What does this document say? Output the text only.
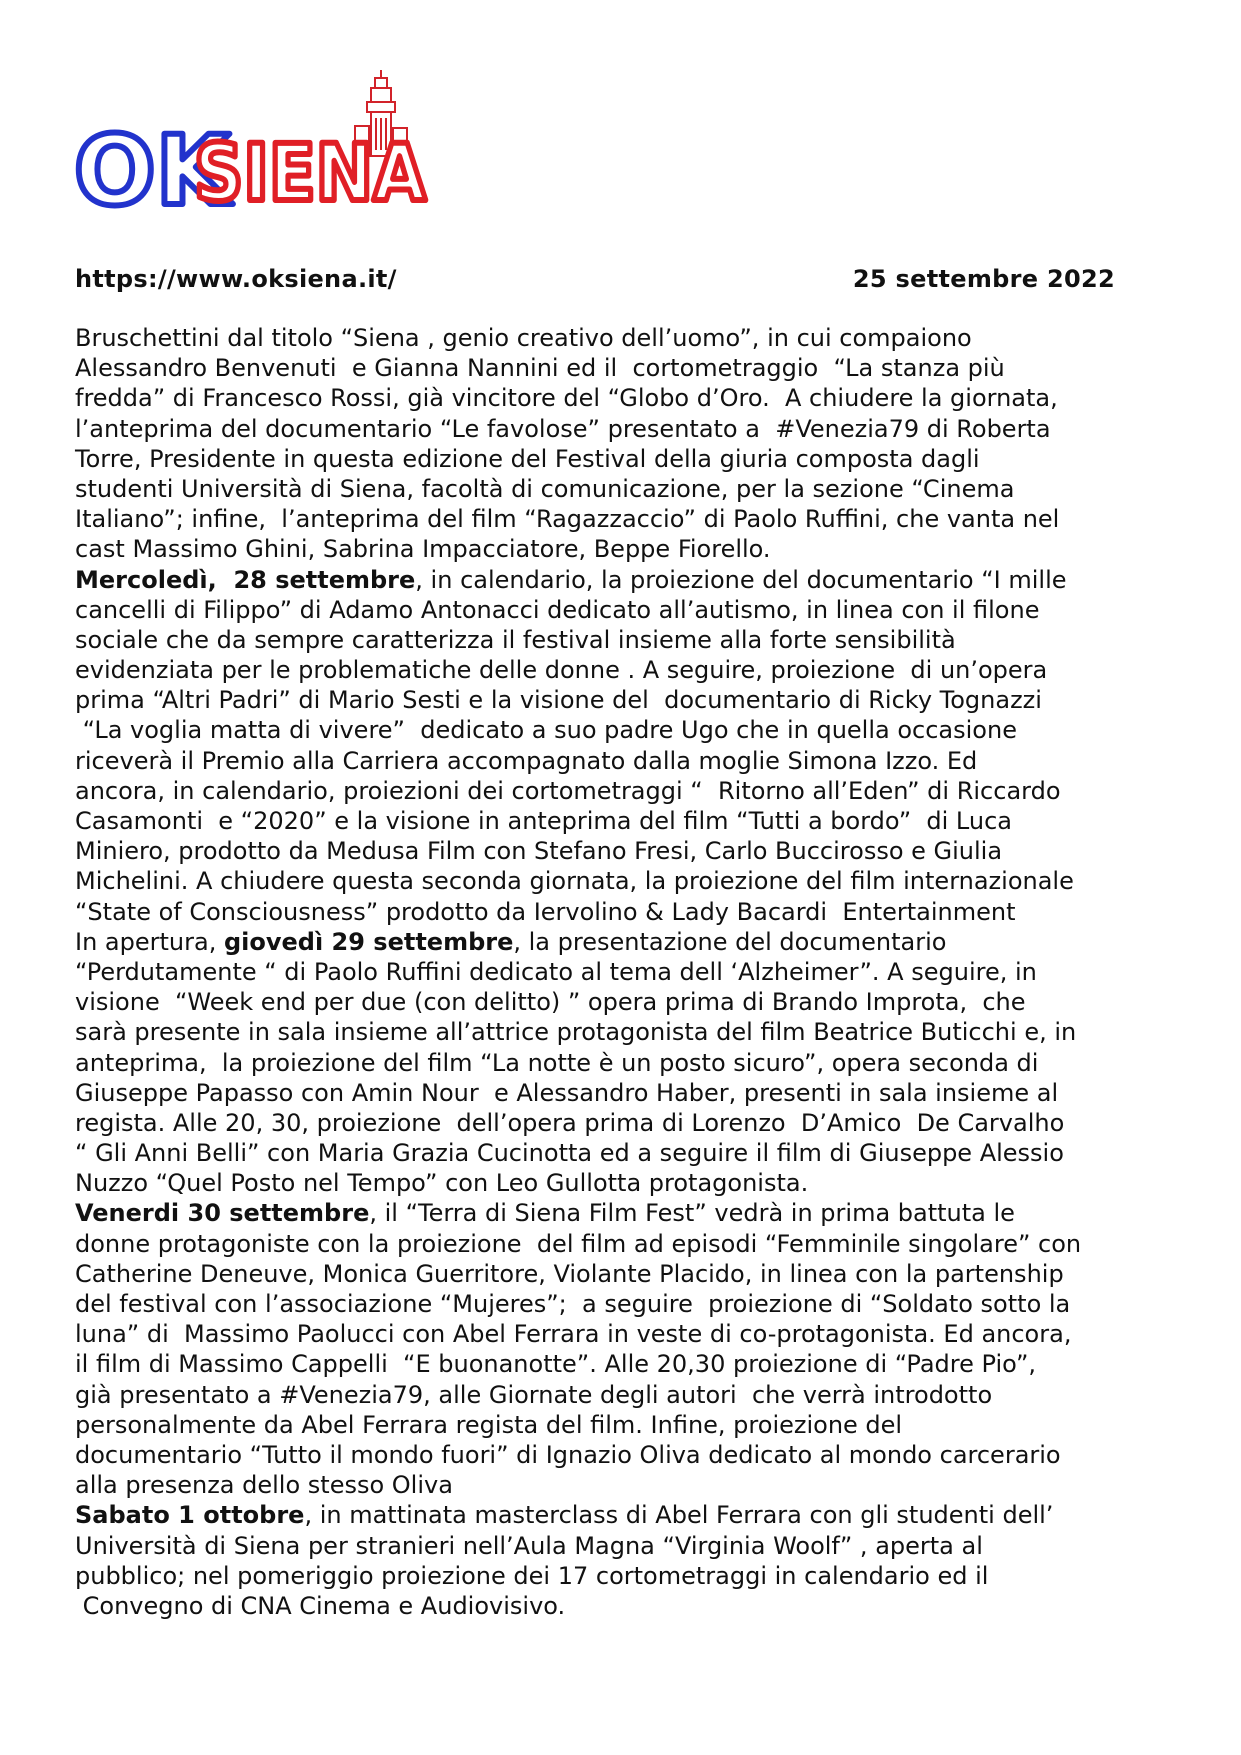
OK
SIENA
https://www.oksiena.it/	25 settembre 2022
Bruschettini dal titolo “Siena , genio creativo dell’uomo”, in cui compaiono
Alessandro Benvenuti  e Gianna Nannini ed il  cortometraggio  “La stanza più
fredda” di Francesco Rossi, già vincitore del “Globo d’Oro.  A chiudere la giornata,
l’anteprima del documentario “Le favolose” presentato a  #Venezia79 di Roberta
Torre, Presidente in questa edizione del Festival della giuria composta dagli
studenti Università di Siena, facoltà di comunicazione, per la sezione “Cinema
Italiano”; infine,  l’anteprima del film “Ragazzaccio” di Paolo Ruffini, che vanta nel
cast Massimo Ghini, Sabrina Impacciatore, Beppe Fiorello.
Mercoledì,  28 settembre, in calendario, la proiezione del documentario “I mille
cancelli di Filippo” di Adamo Antonacci dedicato all’autismo, in linea con il filone
sociale che da sempre caratterizza il festival insieme alla forte sensibilità
evidenziata per le problematiche delle donne . A seguire, proiezione  di un’opera
prima “Altri Padri” di Mario Sesti e la visione del  documentario di Ricky Tognazzi
“La voglia matta di vivere”  dedicato a suo padre Ugo che in quella occasione
riceverà il Premio alla Carriera accompagnato dalla moglie Simona Izzo. Ed
ancora, in calendario, proiezioni dei cortometraggi “  Ritorno all’Eden” di Riccardo
Casamonti  e “2020” e la visione in anteprima del film “Tutti a bordo”  di Luca
Miniero, prodotto da Medusa Film con Stefano Fresi, Carlo Buccirosso e Giulia
Michelini. A chiudere questa seconda giornata, la proiezione del film internazionale
“State of Consciousness” prodotto da Iervolino & Lady Bacardi  Entertainment
In apertura, giovedì 29 settembre, la presentazione del documentario
“Perdutamente “ di Paolo Ruffini dedicato al tema dell ‘Alzheimer”. A seguire, in
visione  “Week end per due (con delitto) ” opera prima di Brando Improta,  che
sarà presente in sala insieme all’attrice protagonista del film Beatrice Buticchi e, in
anteprima,  la proiezione del film “La notte è un posto sicuro”, opera seconda di
Giuseppe Papasso con Amin Nour  e Alessandro Haber, presenti in sala insieme al
regista. Alle 20, 30, proiezione  dell’opera prima di Lorenzo  D’Amico  De Carvalho
“ Gli Anni Belli” con Maria Grazia Cucinotta ed a seguire il film di Giuseppe Alessio
Nuzzo “Quel Posto nel Tempo” con Leo Gullotta protagonista.
Venerdi 30 settembre, il “Terra di Siena Film Fest” vedrà in prima battuta le
donne protagoniste con la proiezione  del film ad episodi “Femminile singolare” con
Catherine Deneuve, Monica Guerritore, Violante Placido, in linea con la partenship
del festival con l’associazione “Mujeres”;  a seguire  proiezione di “Soldato sotto la
luna” di  Massimo Paolucci con Abel Ferrara in veste di co-protagonista. Ed ancora,
il film di Massimo Cappelli  “E buonanotte”. Alle 20,30 proiezione di “Padre Pio”,
già presentato a #Venezia79, alle Giornate degli autori  che verrà introdotto
personalmente da Abel Ferrara regista del film. Infine, proiezione del
documentario “Tutto il mondo fuori” di Ignazio Oliva dedicato al mondo carcerario
alla presenza dello stesso Oliva
Sabato 1 ottobre, in mattinata masterclass di Abel Ferrara con gli studenti dell’
Università di Siena per stranieri nell’Aula Magna “Virginia Woolf” , aperta al
pubblico; nel pomeriggio proiezione dei 17 cortometraggi in calendario ed il
Convegno di CNA Cinema e Audiovisivo.
